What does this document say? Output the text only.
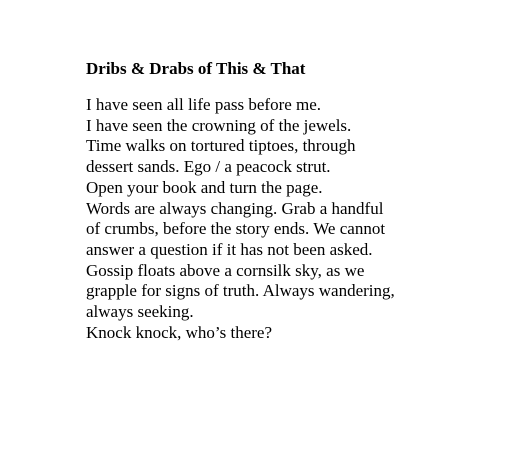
Dribs & Drabs of This & That
I have seen all life pass before me.
I have seen the crowning of the jewels.
Time walks on tortured tiptoes, through
dessert sands. Ego / a peacock strut.
Open your book and turn the page.
Words are always changing. Grab a handful
of crumbs, before the story ends. We cannot
answer a question if it has not been asked.
Gossip floats above a cornsilk sky, as we
grapple for signs of truth. Always wandering,
always seeking.
Knock knock, who’s there?
